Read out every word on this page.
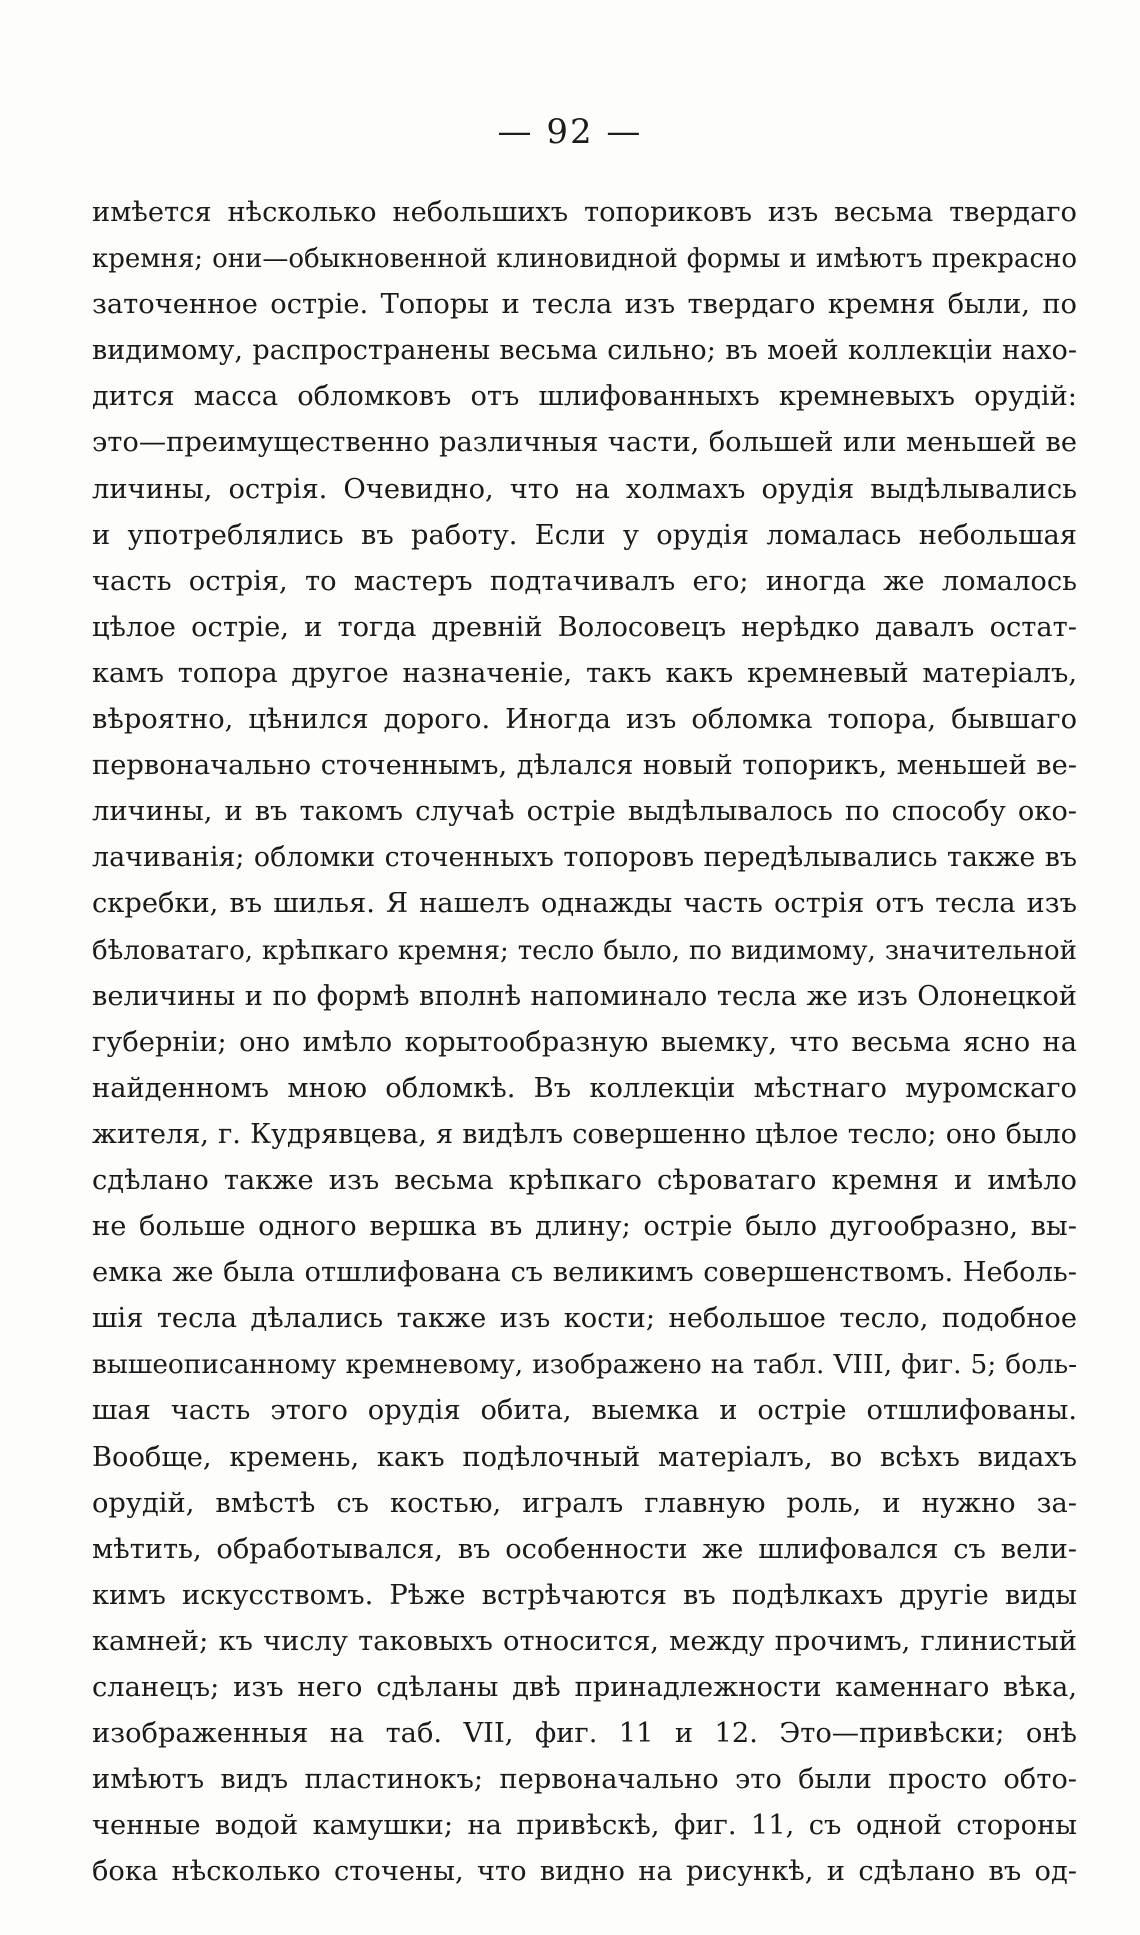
— 92 —
имѣется нѣсколько небольшихъ топориковъ изъ весьма твердаго
кремня; они—обыкновенной клиновидной формы и имѣютъ прекрасно
заточенное остріе. Топоры и тесла изъ твердаго кремня были, по
видимому, распространены весьма сильно; въ моей коллекціи нахо-
дится масса обломковъ отъ шлифованныхъ кремневыхъ орудій:
это—преимущественно различныя части, большей или меньшей ве
личины, острія. Очевидно, что на холмахъ орудія выдѣлывались
и употреблялись въ работу. Если у орудія ломалась небольшая
часть острія, то мастеръ подтачивалъ его; иногда же ломалось
цѣлое остріе, и тогда древній Волосовецъ нерѣдко давалъ остат-
камъ топора другое назначеніе, такъ какъ кремневый матеріалъ,
вѣроятно, цѣнился дорого. Иногда изъ обломка топора, бывшаго
первоначально сточеннымъ, дѣлался новый топорикъ, меньшей ве-
личины, и въ такомъ случаѣ остріе выдѣлывалось по способу око-
лачиванія; обломки сточенныхъ топоровъ передѣлывались также въ
скребки, въ шилья. Я нашелъ однажды часть острія отъ тесла изъ
бѣловатаго, крѣпкаго кремня; тесло было, по видимому, значительной
величины и по формѣ вполнѣ напоминало тесла же изъ Олонецкой
губерніи; оно имѣло корытообразную выемку, что весьма ясно на
найденномъ мною обломкѣ. Въ коллекціи мѣстнаго муромскаго
жителя, г. Кудрявцева, я видѣлъ совершенно цѣлое тесло; оно было
сдѣлано также изъ весьма крѣпкаго сѣроватаго кремня и имѣло
не больше одного вершка въ длину; остріе было дугообразно, вы-
емка же была отшлифована съ великимъ совершенствомъ. Неболь-
шія тесла дѣлались также изъ кости; небольшое тесло, подобное
вышеописанному кремневому, изображено на табл. VIII, фиг. 5; боль-
шая часть этого орудія обита, выемка и остріе отшлифованы.
Вообще, кремень, какъ подѣлочный матеріалъ, во всѣхъ видахъ
орудій, вмѣстѣ съ костью, игралъ главную роль, и нужно за-
мѣтить, обработывался, въ особенности же шлифовался съ вели-
кимъ искусствомъ. Рѣже встрѣчаются въ подѣлкахъ другіе виды
камней; къ числу таковыхъ относится, между прочимъ, глинистый
сланецъ; изъ него сдѣланы двѣ принадлежности каменнаго вѣка,
изображенныя на таб. VII, фиг. 11 и 12. Это—привѣски; онѣ
имѣютъ видъ пластинокъ; первоначально это были просто обто-
ченные водой камушки; на привѣскѣ, фиг. 11, съ одной стороны
бока нѣсколько сточены, что видно на рисункѣ, и сдѣлано въ од-
